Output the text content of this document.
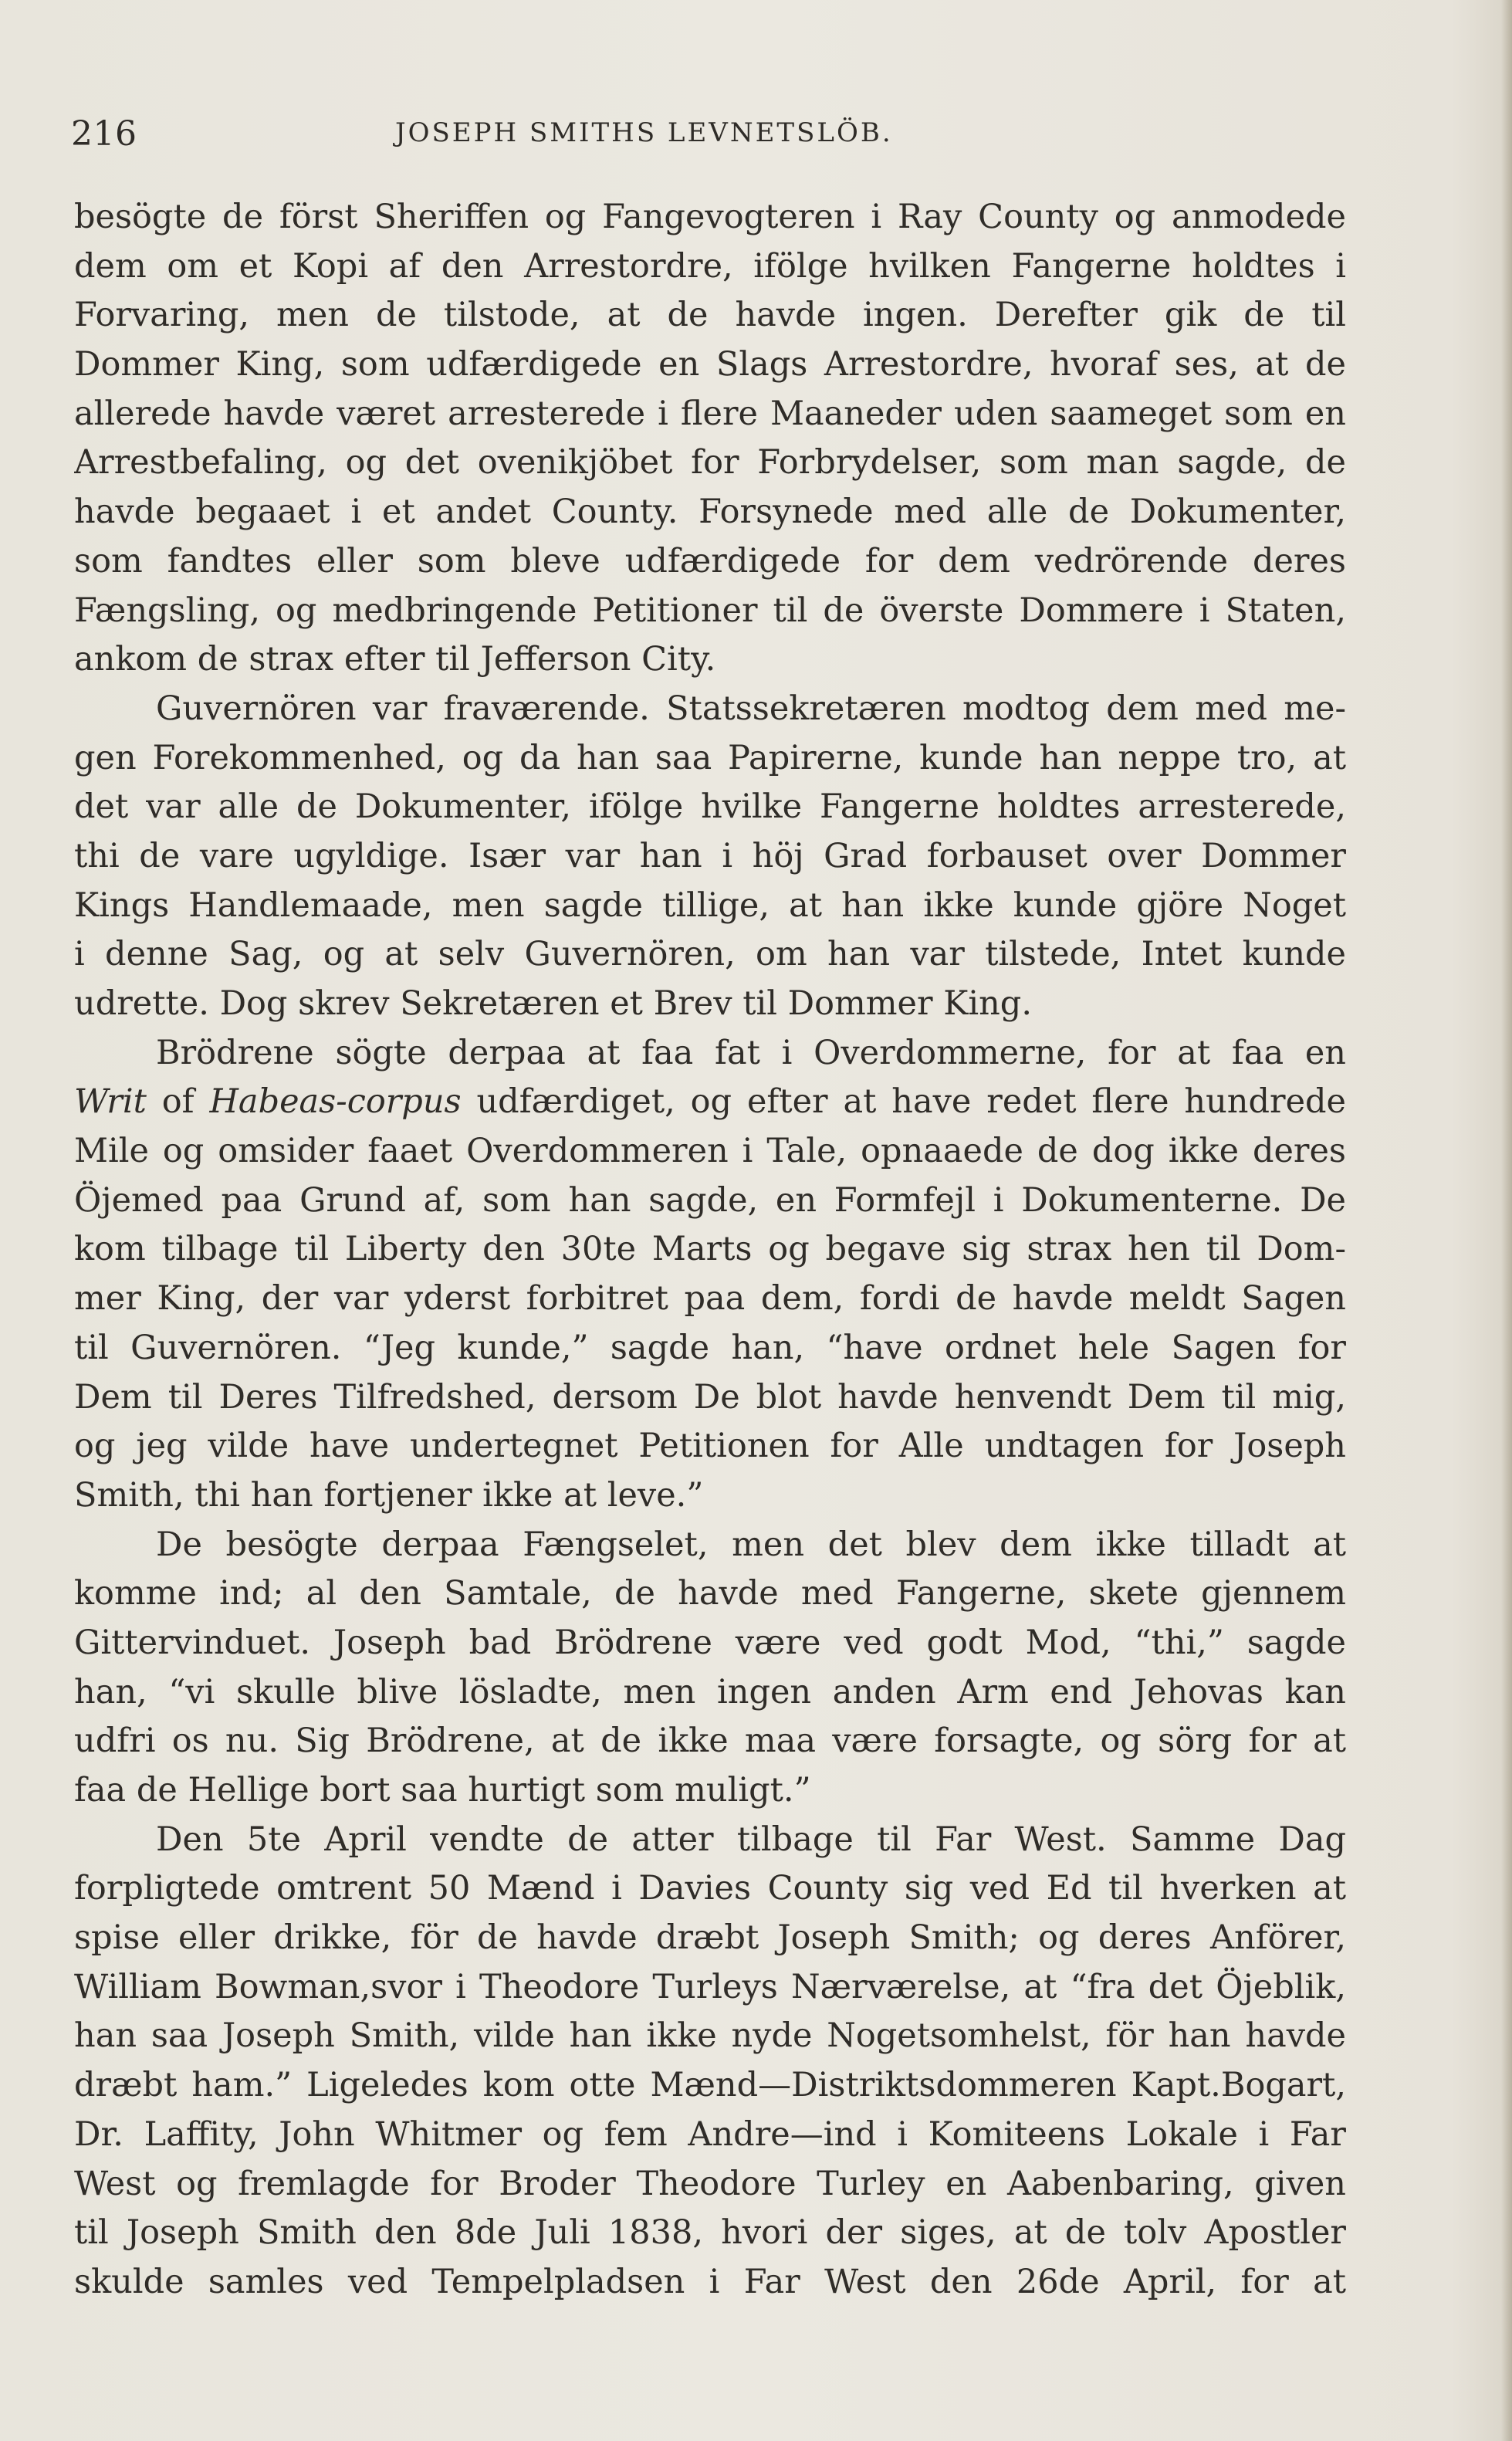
216	JOSEPH SMITHS LEVNETSLÖB.
besögte de först Sheriffen og Fangevogteren i Ray County og anmodede
dem om et Kopi af den Arrestordre, ifölge hvilken Fangerne holdtes i
Forvaring, men de tilstode, at de havde ingen. Derefter gik de til
Dommer King, som udfærdigede en Slags Arrestordre, hvoraf ses, at de
allerede havde været arresterede i flere Maaneder uden saameget som en
Arrestbefaling, og det ovenikjöbet for Forbrydelser, som man sagde, de
havde begaaet i et andet County. Forsynede med alle de Dokumenter,
som fandtes eller som bleve udfærdigede for dem vedrörende deres
Fængsling, og medbringende Petitioner til de överste Dommere i Staten,
ankom de strax efter til Jefferson City.
Guvernören var fraværende. Statssekretæren modtog dem med me-
gen Forekommenhed, og da han saa Papirerne, kunde han neppe tro, at
det var alle de Dokumenter, ifölge hvilke Fangerne holdtes arresterede,
thi de vare ugyldige. Især var han i höj Grad forbauset over Dommer
Kings Handlemaade, men sagde tillige, at han ikke kunde gjöre Noget
i denne Sag, og at selv Guvernören, om han var tilstede, Intet kunde
udrette. Dog skrev Sekretæren et Brev til Dommer King.
Brödrene sögte derpaa at faa fat i Overdommerne, for at faa en
Writ of Habeas-corpus udfærdiget, og efter at have redet flere hundrede
Mile og omsider faaet Overdommeren i Tale, opnaaede de dog ikke deres
Öjemed paa Grund af, som han sagde, en Formfejl i Dokumenterne. De
kom tilbage til Liberty den 30te Marts og begave sig strax hen til Dom-
mer King, der var yderst forbitret paa dem, fordi de havde meldt Sagen
til Guvernören. “Jeg kunde,” sagde han, “have ordnet hele Sagen for
Dem til Deres Tilfredshed, dersom De blot havde henvendt Dem til mig,
og jeg vilde have undertegnet Petitionen for Alle undtagen for Joseph
Smith, thi han fortjener ikke at leve.”
De besögte derpaa Fængselet, men det blev dem ikke tilladt at
komme ind; al den Samtale, de havde med Fangerne, skete gjennem
Gittervinduet. Joseph bad Brödrene være ved godt Mod, “thi,” sagde
han, “vi skulle blive lösladte, men ingen anden Arm end Jehovas kan
udfri os nu. Sig Brödrene, at de ikke maa være forsagte, og sörg for at
faa de Hellige bort saa hurtigt som muligt.”
Den 5te April vendte de atter tilbage til Far West. Samme Dag
forpligtede omtrent 50 Mænd i Davies County sig ved Ed til hverken at
spise eller drikke, för de havde dræbt Joseph Smith; og deres Anförer,
William Bowman,svor i Theodore Turleys Nærværelse, at “fra det Öjeblik,
han saa Joseph Smith, vilde han ikke nyde Nogetsomhelst, för han havde
dræbt ham.” Ligeledes kom otte Mænd—Distriktsdommeren Kapt.Bogart,
Dr. Laffity, John Whitmer og fem Andre—ind i Komiteens Lokale i Far
West og fremlagde for Broder Theodore Turley en Aabenbaring, given
til Joseph Smith den 8de Juli 1838, hvori der siges, at de tolv Apostler
skulde samles ved Tempelpladsen i Far West den 26de April, for at
